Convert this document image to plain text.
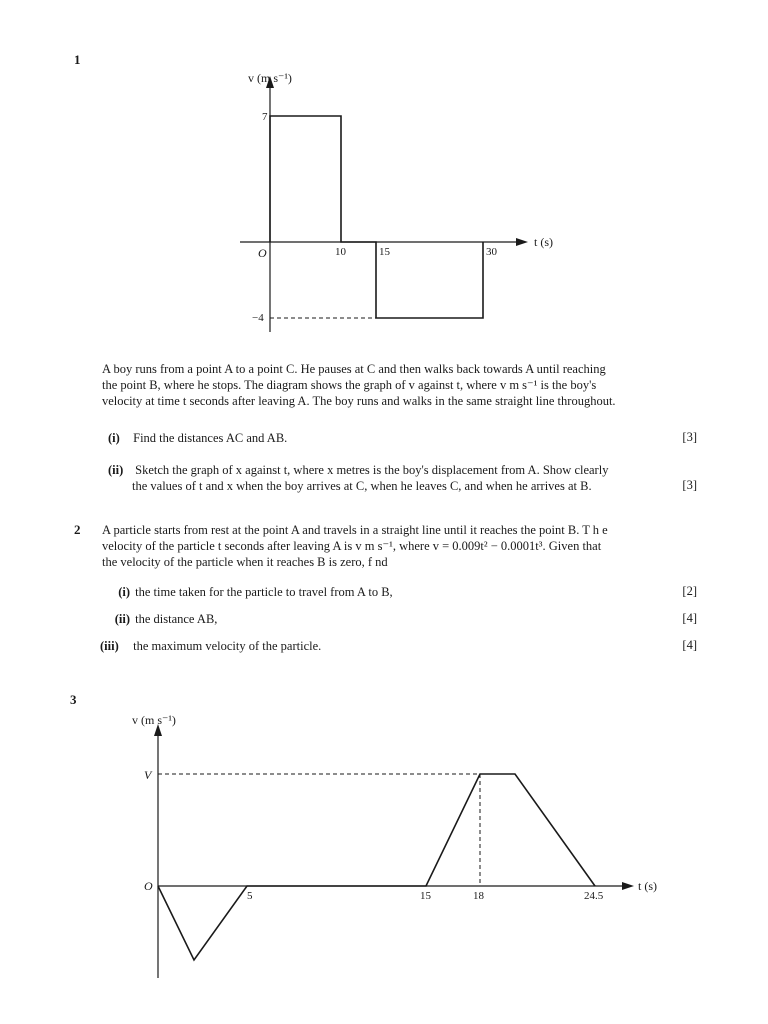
1
v (m s⁻¹)
t (s)
O
7
−4
10	15	30
A boy runs from a point A to a point C. He pauses at C and then walks back towards A until reaching
the point B, where he stops. The diagram shows the graph of v against t, where v m s⁻¹ is the boy's
velocity at time t seconds after leaving A. The boy runs and walks in the same straight line throughout.
(i) Find the distances AC and AB.	[3]
(ii) Sketch the graph of x against t, where x metres is the boy's displacement from A. Show clearly
the values of t and x when the boy arrives at C, when he leaves C, and when he arrives at B.	[3]
2 A particle starts from rest at the point A and travels in a straight line until it reaches the point B. T h e
velocity of the particle t seconds after leaving A is v m s⁻¹, where v = 0.009t² − 0.0001t³. Given that
the velocity of the particle when it reaches B is zero, f nd
(i) the time taken for the particle to travel from A to B,	[2]
(ii) the distance AB,	[4]
(iii) the maximum velocity of the particle.	[4]
3
v (m s⁻¹)
t (s)
O
V
5	15	18	24.5
